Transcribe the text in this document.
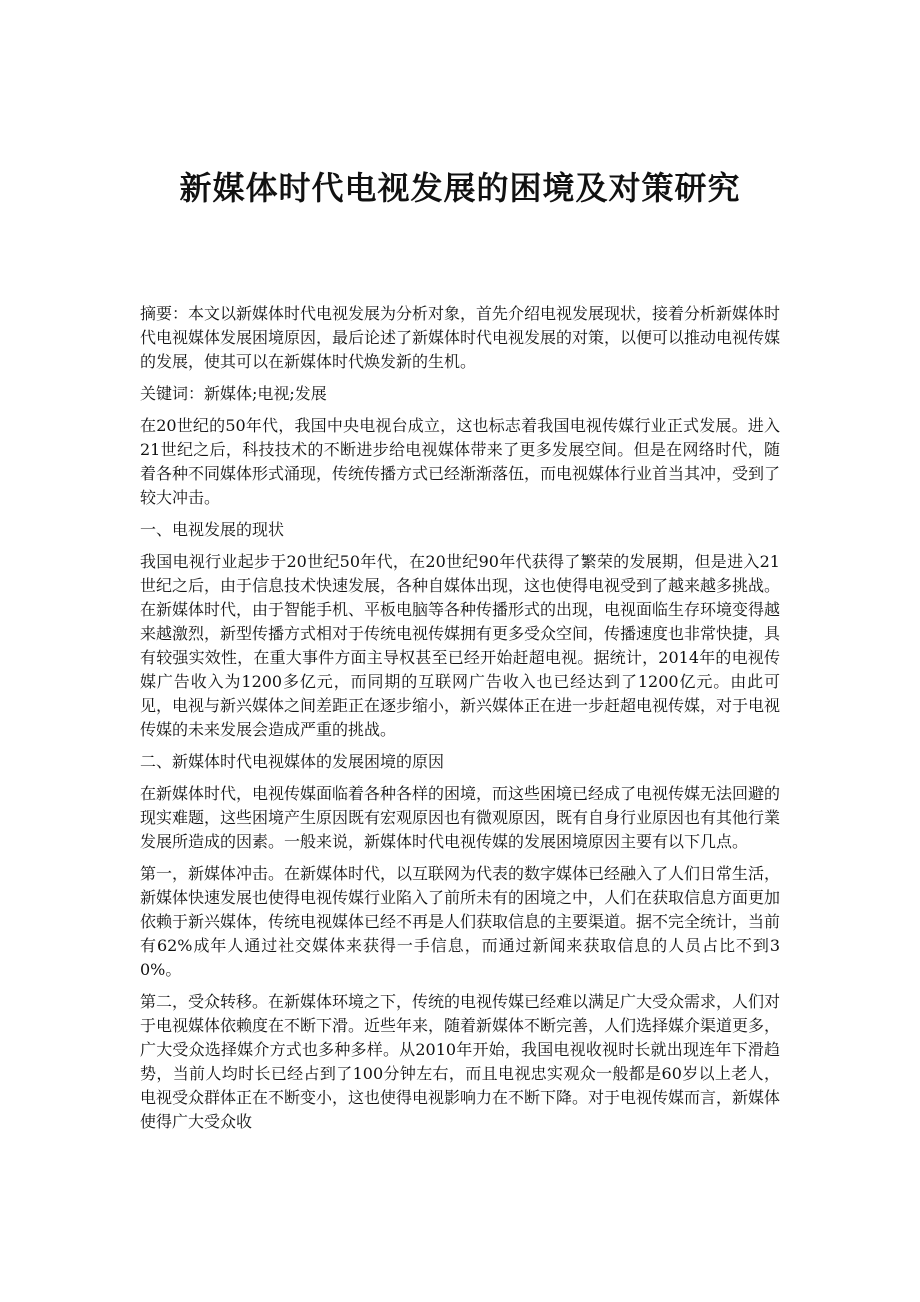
新媒体时代电视发展的困境及对策研究

摘要：本文以新媒体时代电视发展为分析对象，首先介绍电视发展现状，接着分析新媒体时代电视媒体发展困境原因，最后论述了新媒体时代电视发展的对策，以便可以推动电视传媒的发展，使其可以在新媒体时代焕发新的生机。

关键词：新媒体;电视;发展

在20世纪的50年代，我国中央电视台成立，这也标志着我国电视传媒行业正式发展。进入21世纪之后，科技技术的不断进步给电视媒体带来了更多发展空间。但是在网络时代，随着各种不同媒体形式涌现，传统传播方式已经渐渐落伍，而电视媒体行业首当其冲，受到了较大冲击。

一、电视发展的现状

我国电视行业起步于20世纪50年代，在20世纪90年代获得了繁荣的发展期，但是进入21世纪之后，由于信息技术快速发展，各种自媒体出现，这也使得电视受到了越来越多挑战。在新媒体时代，由于智能手机、平板电脑等各种传播形式的出现，电视面临生存环境变得越来越激烈，新型传播方式相对于传统电视传媒拥有更多受众空间，传播速度也非常快捷，具有较强实效性，在重大事件方面主导权甚至已经开始赶超电视。据统计，2014年的电视传媒广告收入为1200多亿元，而同期的互联网广告收入也已经达到了1200亿元。由此可见，电视与新兴媒体之间差距正在逐步缩小，新兴媒体正在进一步赶超电视传媒，对于电视传媒的未来发展会造成严重的挑战。

二、新媒体时代电视媒体的发展困境的原因

在新媒体时代，电视传媒面临着各种各样的困境，而这些困境已经成了电视传媒无法回避的现实难题，这些困境产生原因既有宏观原因也有微观原因，既有自身行业原因也有其他行業发展所造成的因素。一般来说，新媒体时代电视传媒的发展困境原因主要有以下几点。

第一，新媒体冲击。在新媒体时代，以互联网为代表的数字媒体已经融入了人们日常生活，新媒体快速发展也使得电视传媒行业陷入了前所未有的困境之中，人们在获取信息方面更加依赖于新兴媒体，传统电视媒体已经不再是人们获取信息的主要渠道。据不完全统计，当前有62%成年人通过社交媒体来获得一手信息，而通过新闻来获取信息的人员占比不到30%。

第二，受众转移。在新媒体环境之下，传统的电视传媒已经难以满足广大受众需求，人们对于电视媒体依赖度在不断下滑。近些年来，随着新媒体不断完善，人们选择媒介渠道更多，广大受众选择媒介方式也多种多样。从2010年开始，我国电视收视时长就出现连年下滑趋势，当前人均时长已经占到了100分钟左右，而且电视忠实观众一般都是60岁以上老人，电视受众群体正在不断变小，这也使得电视影响力在不断下降。对于电视传媒而言，新媒体使得广大受众收
